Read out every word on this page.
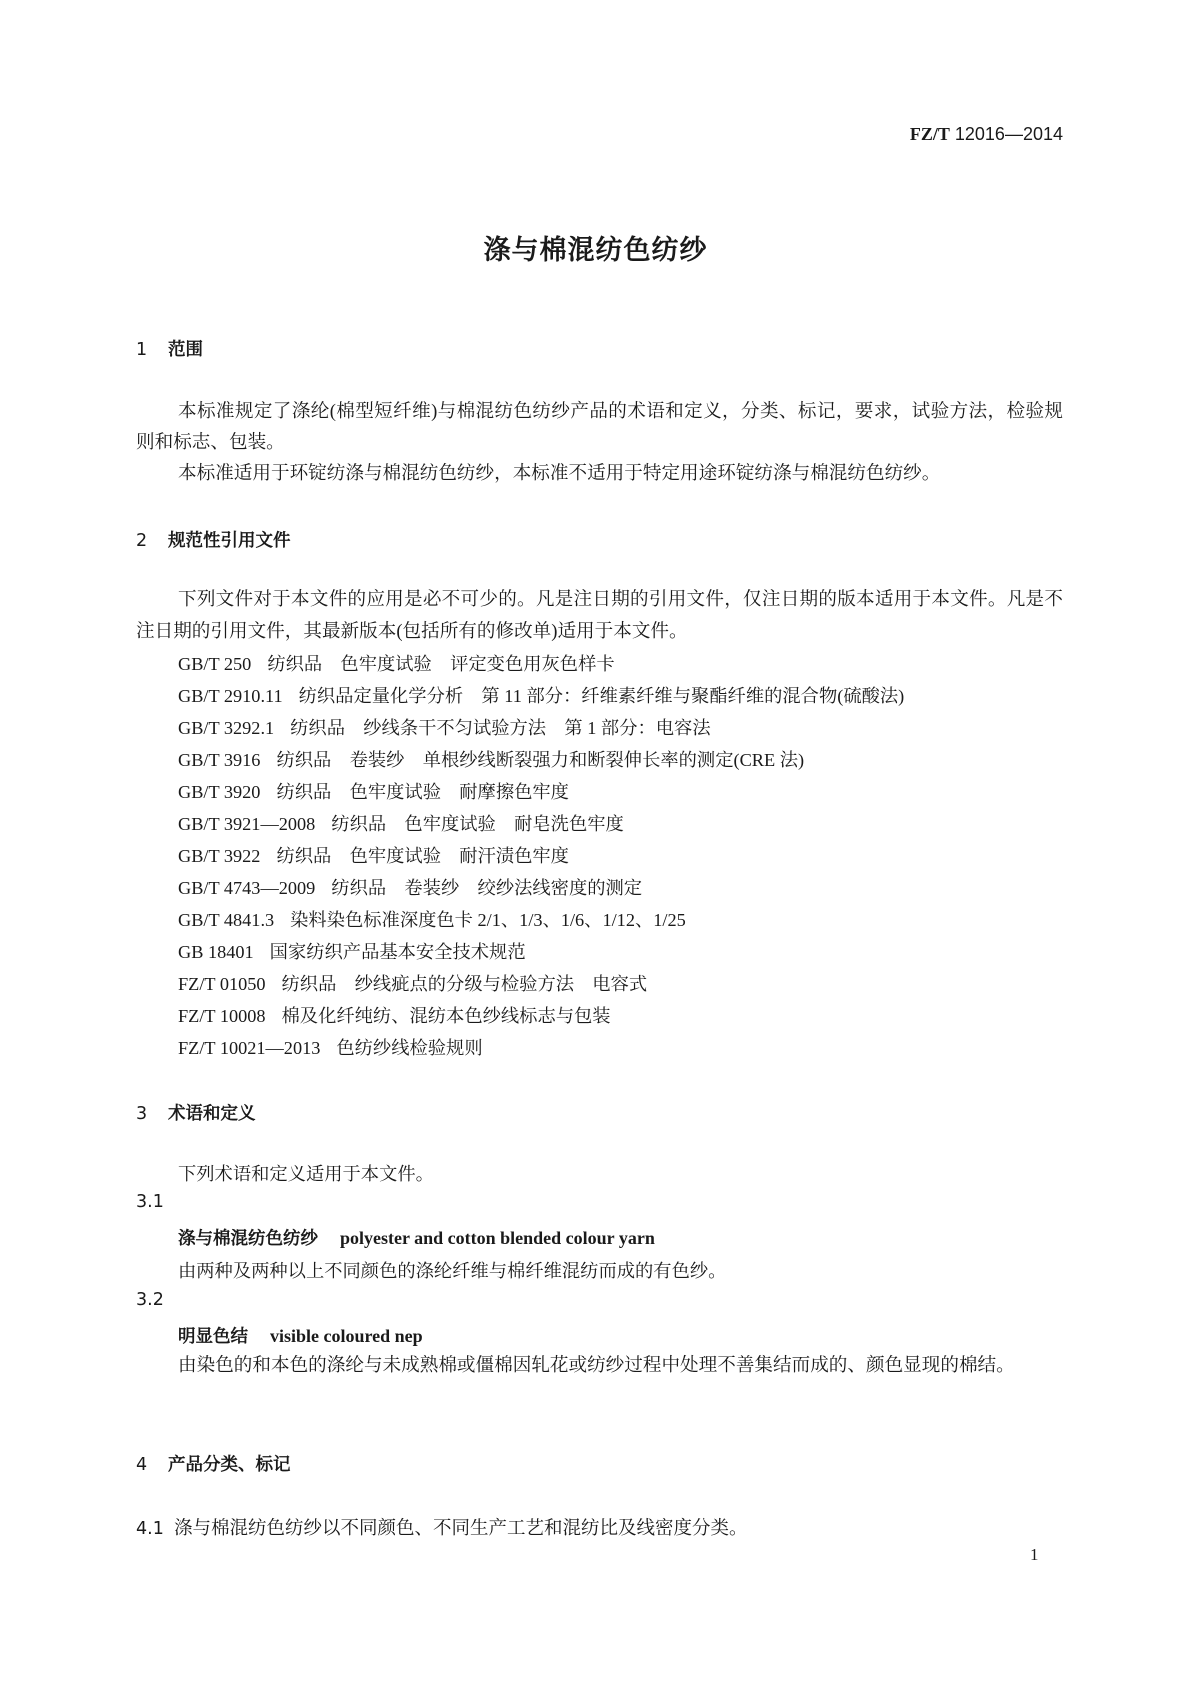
FZ/T 12016—2014
涤与棉混纺色纺纱
1 范围
本标准规定了涤纶(棉型短纤维)与棉混纺色纺纱产品的术语和定义，分类、标记，要求，试验方法，检验规则和标志、包装。
本标准适用于环锭纺涤与棉混纺色纺纱，本标准不适用于特定用途环锭纺涤与棉混纺色纺纱。
2 规范性引用文件
下列文件对于本文件的应用是必不可少的。凡是注日期的引用文件，仅注日期的版本适用于本文件。凡是不注日期的引用文件，其最新版本(包括所有的修改单)适用于本文件。
GB/T 250 纺织品　色牢度试验　评定变色用灰色样卡
GB/T 2910.11 纺织品定量化学分析　第 11 部分：纤维素纤维与聚酯纤维的混合物(硫酸法)
GB/T 3292.1 纺织品　纱线条干不匀试验方法　第 1 部分：电容法
GB/T 3916 纺织品　卷装纱　单根纱线断裂强力和断裂伸长率的测定(CRE 法)
GB/T 3920 纺织品　色牢度试验　耐摩擦色牢度
GB/T 3921—2008 纺织品　色牢度试验　耐皂洗色牢度
GB/T 3922 纺织品　色牢度试验　耐汗渍色牢度
GB/T 4743—2009 纺织品　卷装纱　绞纱法线密度的测定
GB/T 4841.3 染料染色标准深度色卡 2/1、1/3、1/6、1/12、1/25
GB 18401 国家纺织产品基本安全技术规范
FZ/T 01050 纺织品　纱线疵点的分级与检验方法　电容式
FZ/T 10008 棉及化纤纯纺、混纺本色纱线标志与包装
FZ/T 10021—2013 色纺纱线检验规则
3 术语和定义
下列术语和定义适用于本文件。
3.1
涤与棉混纺色纺纱 polyester and cotton blended colour yarn
由两种及两种以上不同颜色的涤纶纤维与棉纤维混纺而成的有色纱。
3.2
明显色结 visible coloured nep
由染色的和本色的涤纶与未成熟棉或僵棉因轧花或纺纱过程中处理不善集结而成的、颜色显现的棉结。
4 产品分类、标记
4.1 涤与棉混纺色纺纱以不同颜色、不同生产工艺和混纺比及线密度分类。
1
